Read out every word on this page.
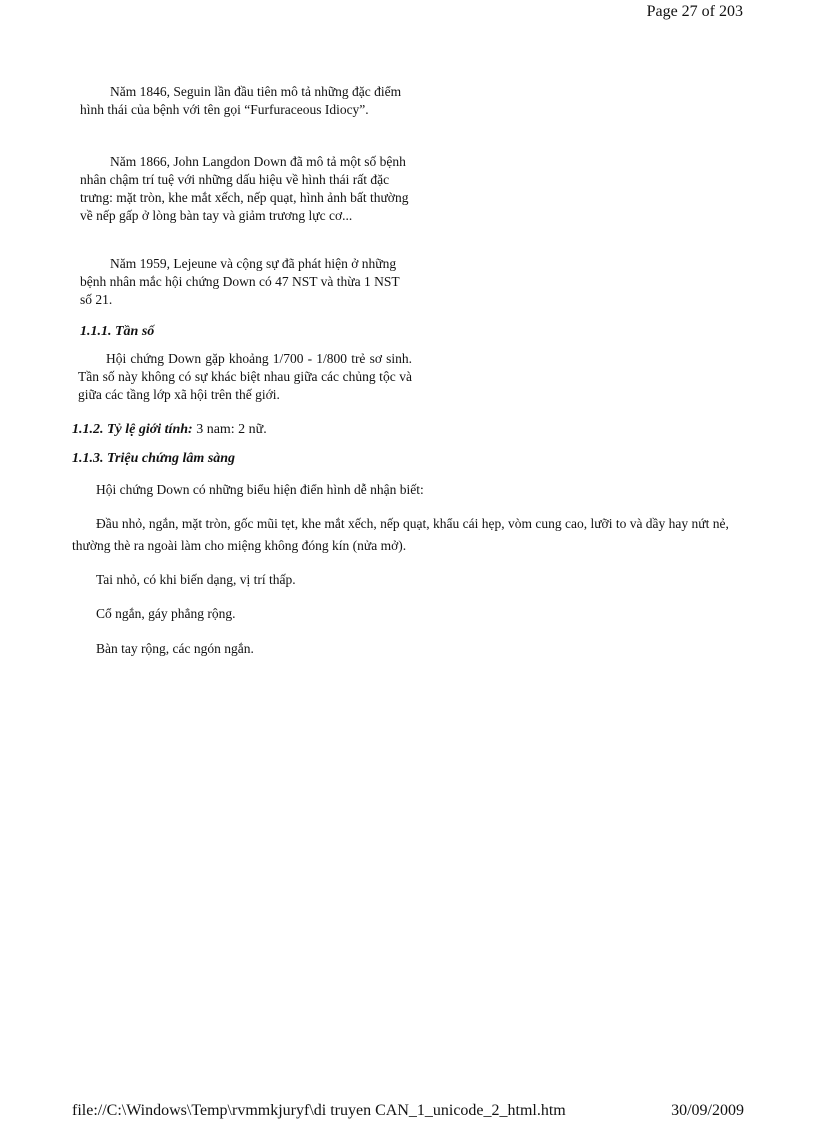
Page 27 of 203

Năm 1846, Seguin lần đầu tiên mô tả những đặc điểm hình thái của bệnh với tên gọi “Furfuraceous Idiocy”.

Năm 1866, John Langdon Down đã mô tả một số bệnh nhân chậm trí tuệ với những dấu hiệu về hình thái rất đặc trưng: mặt tròn, khe mắt xếch, nếp quạt, hình ảnh bất thường về nếp gấp ở lòng bàn tay và giảm trương lực cơ...

Năm 1959, Lejeune và cộng sự đã phát hiện ở những bệnh nhân mắc hội chứng Down có 47 NST và thừa 1 NST số 21.

1.1.1. Tần số

Hội chứng Down gặp khoảng 1/700 - 1/800 trẻ sơ sinh. Tần số này không có sự khác biệt nhau giữa các chủng tộc và giữa các tầng lớp xã hội trên thế giới.

1.1.2. Tỷ lệ giới tính: 3 nam: 2 nữ.
1.1.3. Triệu chứng lâm sàng

Hội chứng Down có những biểu hiện điển hình dễ nhận biết:

Đầu nhỏ, ngắn, mặt tròn, gốc mũi tẹt, khe mắt xếch, nếp quạt, khẩu cái hẹp, vòm cung cao, lưỡi to và dầy hay nứt nẻ, thường thè ra ngoài làm cho miệng không đóng kín (nửa mở).

Tai nhỏ, có khi biến dạng, vị trí thấp.

Cổ ngắn, gáy phẳng rộng.

Bàn tay rộng, các ngón ngắn.

file://C:\Windows\Temp\rvmmkjuryf\di truyen CAN_1_unicode_2_html.htm	30/09/2009
